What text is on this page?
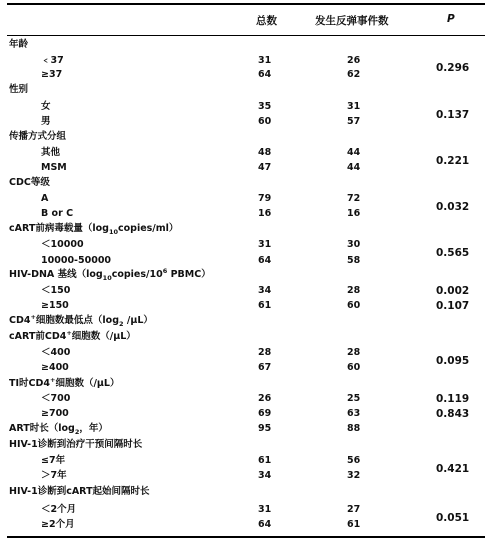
总数	发生反弹事件数	P
年龄
﹤37	31	26
≥37	64	62
0.296
性别
女	35	31
男	60	57
0.137
传播方式分组
其他	48	44
MSM	47	44
0.221
CDC等级
A	79	72
B or C	16	16
0.032
cART前病毒载量$(\log_{10}copies/ml)$
＜10000	31	30
10000-50000	64	58
0.565
HIV-DNA 基线（$\log_{10}copies/10^6$ PBMC）
＜150	34	28	0.002
≥150	61	60	0.107
CD4+细胞数最低点（$\log_2$ /µL）
cART前CD4+细胞数（/µL）
＜400	28	28
≥400	67	60
0.095
TI时CD4+细胞数（/µL）
＜700	26	25	0.119
≥700	69	63	0.843
ART时长（$\log_2$，年）	95	88
HIV-1诊断到治疗干预间隔时长
≤7年	61	56
＞7年	34	32
0.421
HIV-1诊断到cART起始间隔时长
＜2个月	31	27
≥2个月	64	61
0.051
